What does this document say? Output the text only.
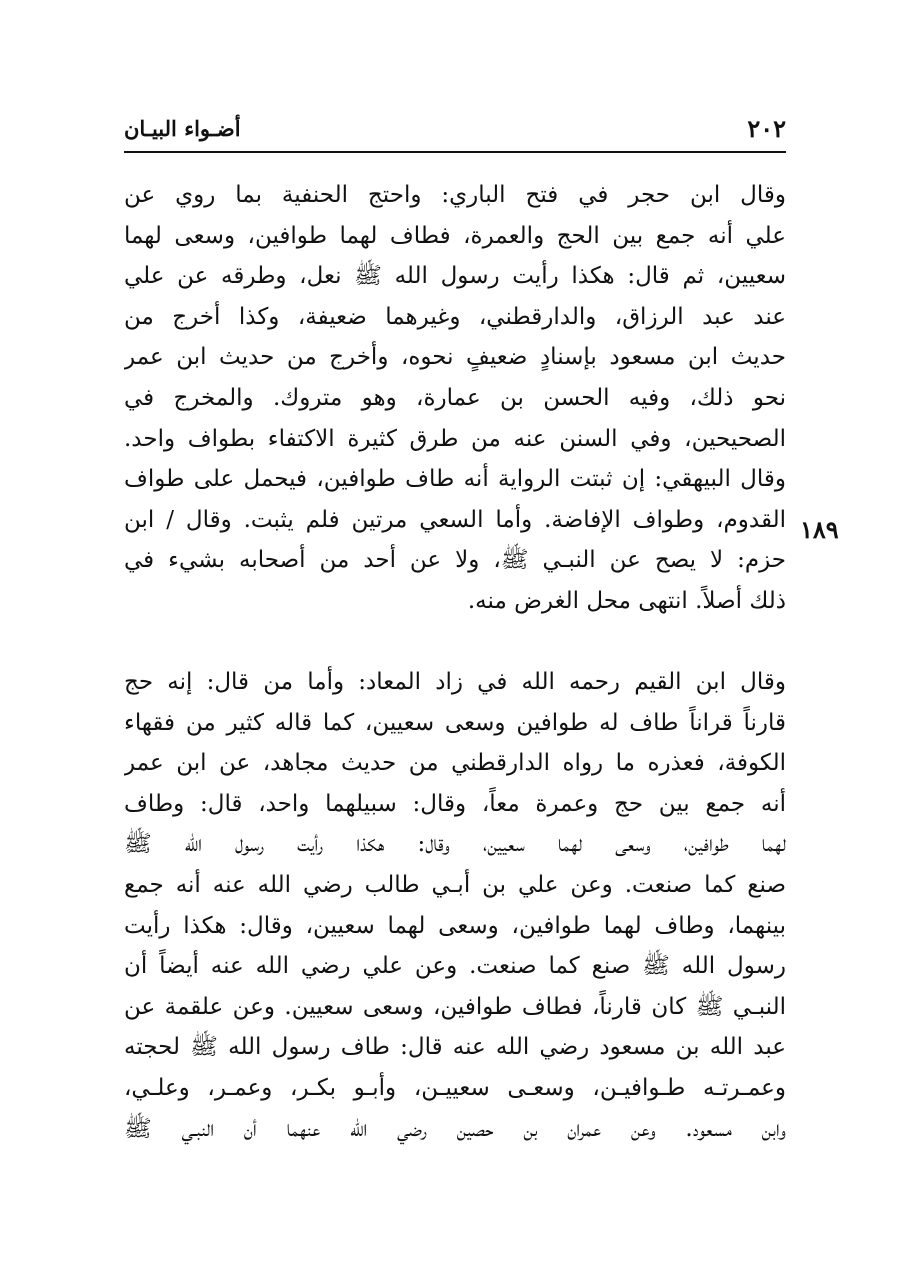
٢٠٢
أضـواء البيـان
١٨٩
وقال ابن حجر في فتح الباري: واحتج الحنفية بما روي عن
علي أنه جمع بين الحج والعمرة، فطاف لهما طوافين، وسعى لهما
سعيين، ثم قال: هكذا رأيت رسول الله ﷺ نعل، وطرقه عن علي
عند عبد الرزاق، والدارقطني، وغيرهما ضعيفة، وكذا أخرج من
حديث ابن مسعود بإسنادٍ ضعيفٍ نحوه، وأخرج من حديث ابن عمر
نحو ذلك، وفيه الحسن بن عمارة، وهو متروك. والمخرج في
الصحيحين، وفي السنن عنه من طرق كثيرة الاكتفاء بطواف واحد.
وقال البيهقي: إن ثبتت الرواية أنه طاف طوافين، فيحمل على طواف
القدوم، وطواف الإفاضة. وأما السعي مرتين فلم يثبت. وقال / ابن
حزم: لا يصح عن النبـي ﷺ، ولا عن أحد من أصحابه بشيء في
ذلك أصلاً. انتهى محل الغرض منه.
وقال ابن القيم رحمه الله في زاد المعاد: وأما من قال: إنه حج
قارناً قراناً طاف له طوافين وسعى سعيين، كما قاله كثير من فقهاء
الكوفة، فعذره ما رواه الدارقطني من حديث مجاهد، عن ابن عمر
أنه جمع بين حج وعمرة معاً، وقال: سبيلهما واحد، قال: وطاف
لهما طوافين، وسعى لهما سعيين، وقال: هكذا رأيت رسول الله ﷺ
صنع كما صنعت. وعن علي بن أبـي طالب رضي الله عنه أنه جمع
بينهما، وطاف لهما طوافين، وسعى لهما سعيين، وقال: هكذا رأيت
رسول الله ﷺ صنع كما صنعت. وعن علي رضي الله عنه أيضاً أن
النبـي ﷺ كان قارناً، فطاف طوافين، وسعى سعيين. وعن علقمة عن
عبد الله بن مسعود رضي الله عنه قال: طاف رسول الله ﷺ لحجته
وعمـرتـه طـوافيـن، وسعـى سعييـن، وأبـو بكـر، وعمـر، وعلـي،
وابن مسعود. وعن عمران بن حصين رضي الله عنهما أن النبـي ﷺ
